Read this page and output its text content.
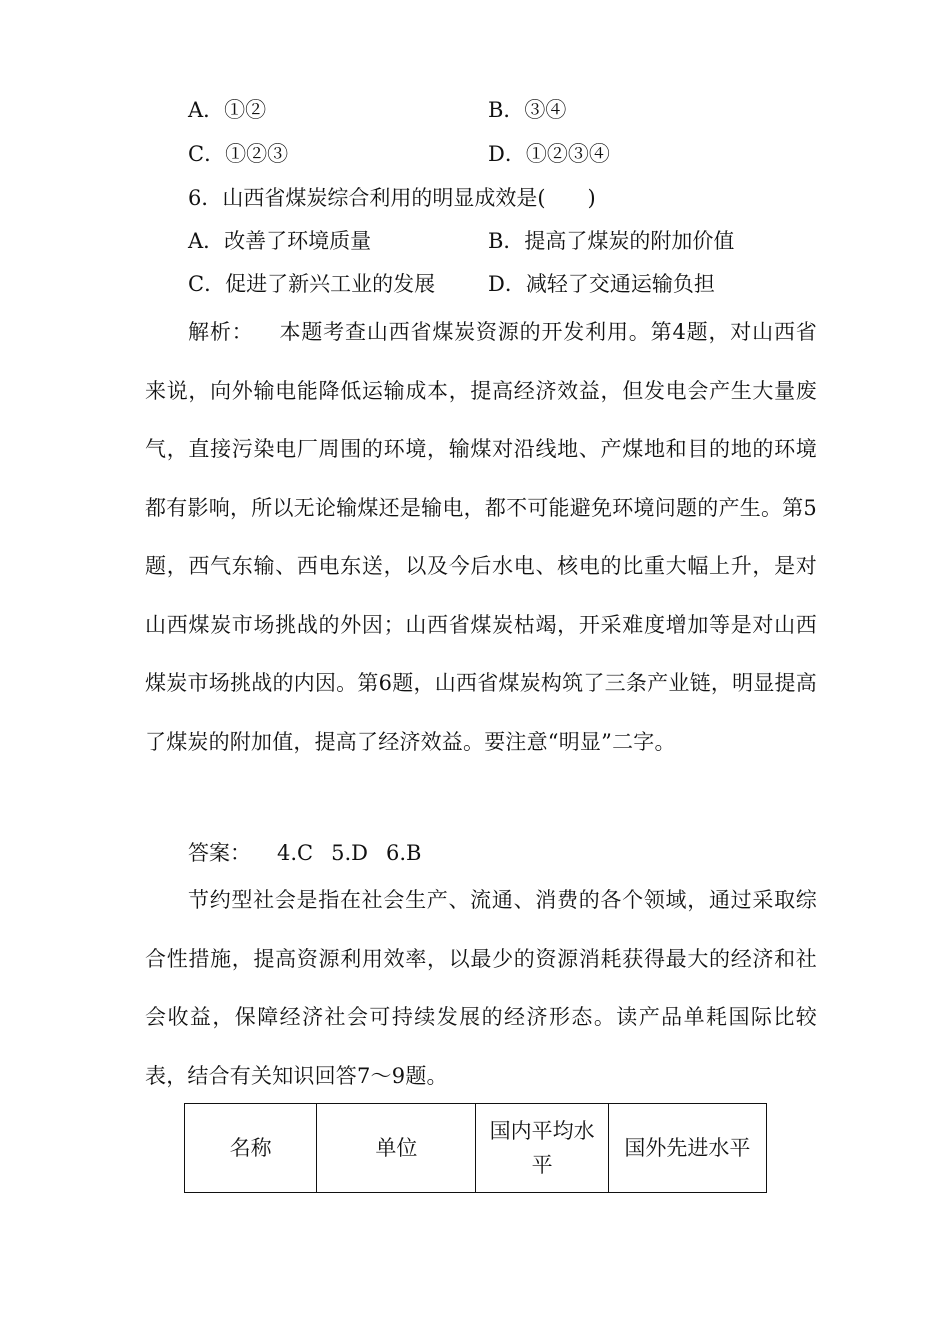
A．①②	B．③④
C．①②③	D．①②③④
6．山西省煤炭综合利用的明显成效是(　　)
A．改善了环境质量	B．提高了煤炭的附加价值
C．促进了新兴工业的发展	D．减轻了交通运输负担
解析： 本题考查山西省煤炭资源的开发利用。第4题，对山西省来说，向外输电能降低运输成本，提高经济效益，但发电会产生大量废气，直接污染电厂周围的环境，输煤对沿线地、产煤地和目的地的环境都有影响，所以无论输煤还是输电，都不可能避免环境问题的产生。第5题，西气东输、西电东送，以及今后水电、核电的比重大幅上升，是对山西煤炭市场挑战的外因；山西省煤炭枯竭，开采难度增加等是对山西煤炭市场挑战的内因。第6题，山西省煤炭构筑了三条产业链，明显提高了煤炭的附加值，提高了经济效益。要注意“明显”二字。
答案： 4.C 5.D 6.B
节约型社会是指在社会生产、流通、消费的各个领域，通过采取综合性措施，提高资源利用效率，以最少的资源消耗获得最大的经济和社会收益，保障经济社会可持续发展的经济形态。读产品单耗国际比较表，结合有关知识回答7～9题。
名称	单位	国内平均水平	国外先进水平
